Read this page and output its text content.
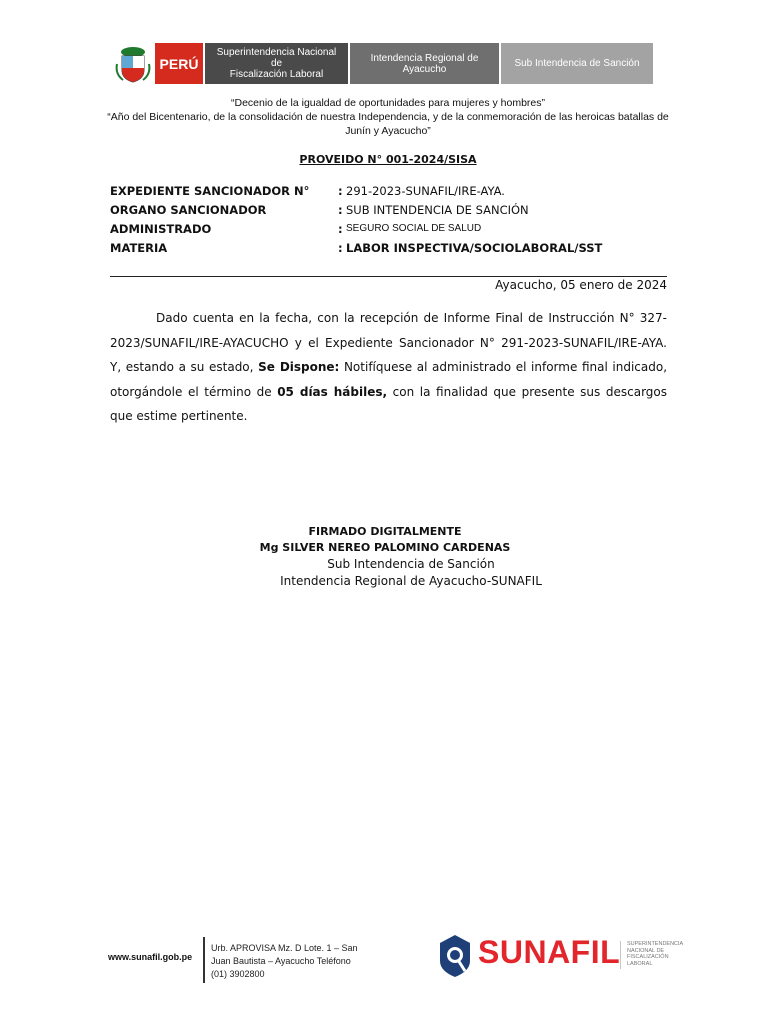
PERÚ
Superintendencia Nacional de
Fiscalización Laboral
Intendencia Regional de Ayacucho	Sub Intendencia de Sanción
“Decenio de la igualdad de oportunidades para mujeres y hombres”
“Año del Bicentenario, de la consolidación de nuestra Independencia, y de la conmemoración de las heroicas batallas de Junín y Ayacucho”
PROVEIDO N° 001-2024/SISA
EXPEDIENTE SANCIONADOR N°	: 291-2023-SUNAFIL/IRE-AYA.
ORGANO SANCIONADOR	: SUB INTENDENCIA DE SANCIÓN
ADMINISTRADO	: SEGURO SOCIAL DE SALUD
MATERIA	: LABOR INSPECTIVA/SOCIOLABORAL/SST
Ayacucho, 05 enero de 2024

Dado cuenta en la fecha, con la recepción de Informe Final de Instrucción N° 327-2023/SUNAFIL/IRE-AYACUCHO y el Expediente Sancionador N° 291-2023-SUNAFIL/IRE-AYA. Y, estando a su estado, Se Dispone: Notifíquese al administrado el informe final indicado, otorgándole el término de 05 días hábiles, con la finalidad que presente sus descargos que estime pertinente.

FIRMADO DIGITALMENTE
Mg SILVER NEREO PALOMINO CARDENAS
Sub Intendencia de Sanción
Intendencia Regional de Ayacucho-SUNAFIL
www.sunafil.gob.pe
Urb. APROVISA Mz. D Lote. 1 – San
Juan Bautista – Ayacucho Teléfono
(01) 3902800
SUNAFIL SUPERINTENDENCIA
NACIONAL DE
FISCALIZACIÓN
LABORAL
